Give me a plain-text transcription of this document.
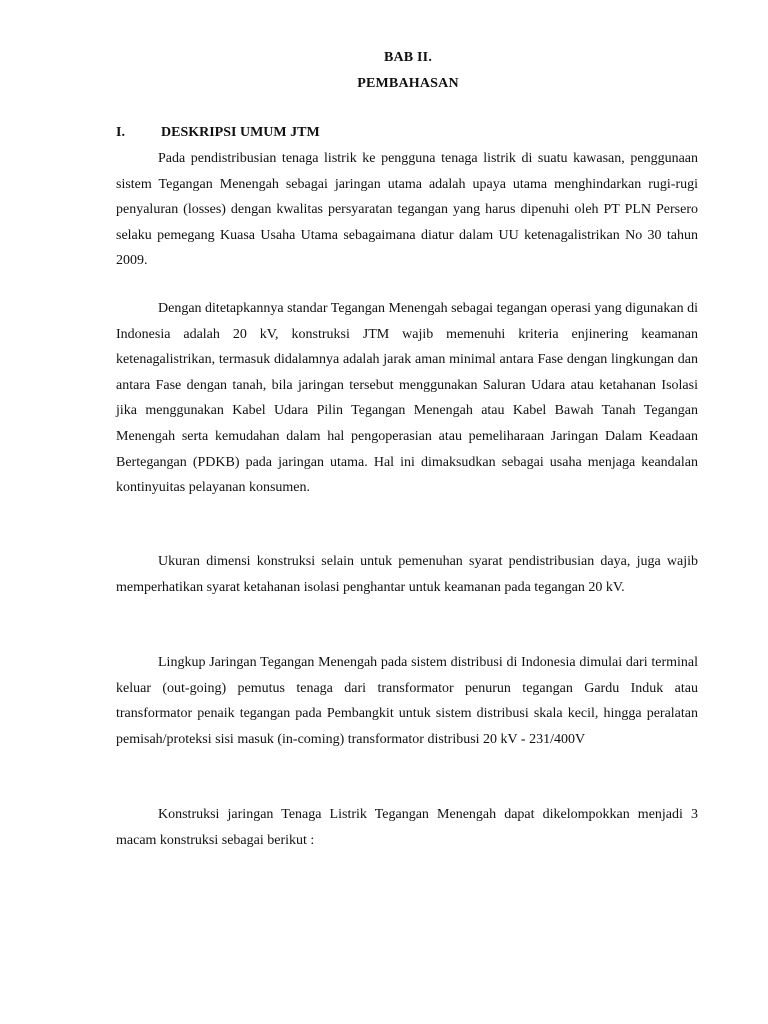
BAB II.
PEMBAHASAN
I.	DESKRIPSI UMUM JTM

Pada pendistribusian tenaga listrik ke pengguna tenaga listrik di suatu kawasan, penggunaan sistem Tegangan Menengah sebagai jaringan utama adalah upaya utama menghindarkan rugi-rugi penyaluran (losses) dengan kwalitas persyaratan tegangan yang harus dipenuhi oleh PT PLN Persero selaku pemegang Kuasa Usaha Utama sebagaimana diatur dalam UU ketenagalistrikan No 30 tahun 2009.

Dengan ditetapkannya standar Tegangan Menengah sebagai tegangan operasi yang digunakan di Indonesia adalah 20 kV, konstruksi JTM wajib memenuhi kriteria enjinering keamanan ketenagalistrikan, termasuk didalamnya adalah jarak aman minimal antara Fase dengan lingkungan dan antara Fase dengan tanah, bila jaringan tersebut menggunakan Saluran Udara atau ketahanan Isolasi jika menggunakan Kabel Udara Pilin Tegangan Menengah atau Kabel Bawah Tanah Tegangan Menengah serta kemudahan dalam hal pengoperasian atau pemeliharaan Jaringan Dalam Keadaan Bertegangan (PDKB) pada jaringan utama. Hal ini dimaksudkan sebagai usaha menjaga keandalan kontinyuitas pelayanan konsumen.

Ukuran dimensi konstruksi selain untuk pemenuhan syarat pendistribusian daya, juga wajib memperhatikan syarat ketahanan isolasi penghantar untuk keamanan pada tegangan 20 kV.

Lingkup Jaringan Tegangan Menengah pada sistem distribusi di Indonesia dimulai dari terminal keluar (out-going) pemutus tenaga dari transformator penurun tegangan Gardu Induk atau transformator penaik tegangan pada Pembangkit untuk sistem distribusi skala kecil, hingga peralatan pemisah/proteksi sisi masuk (in-coming) transformator distribusi 20 kV - 231/400V

Konstruksi jaringan Tenaga Listrik Tegangan Menengah dapat dikelompokkan menjadi 3 macam konstruksi sebagai berikut :
